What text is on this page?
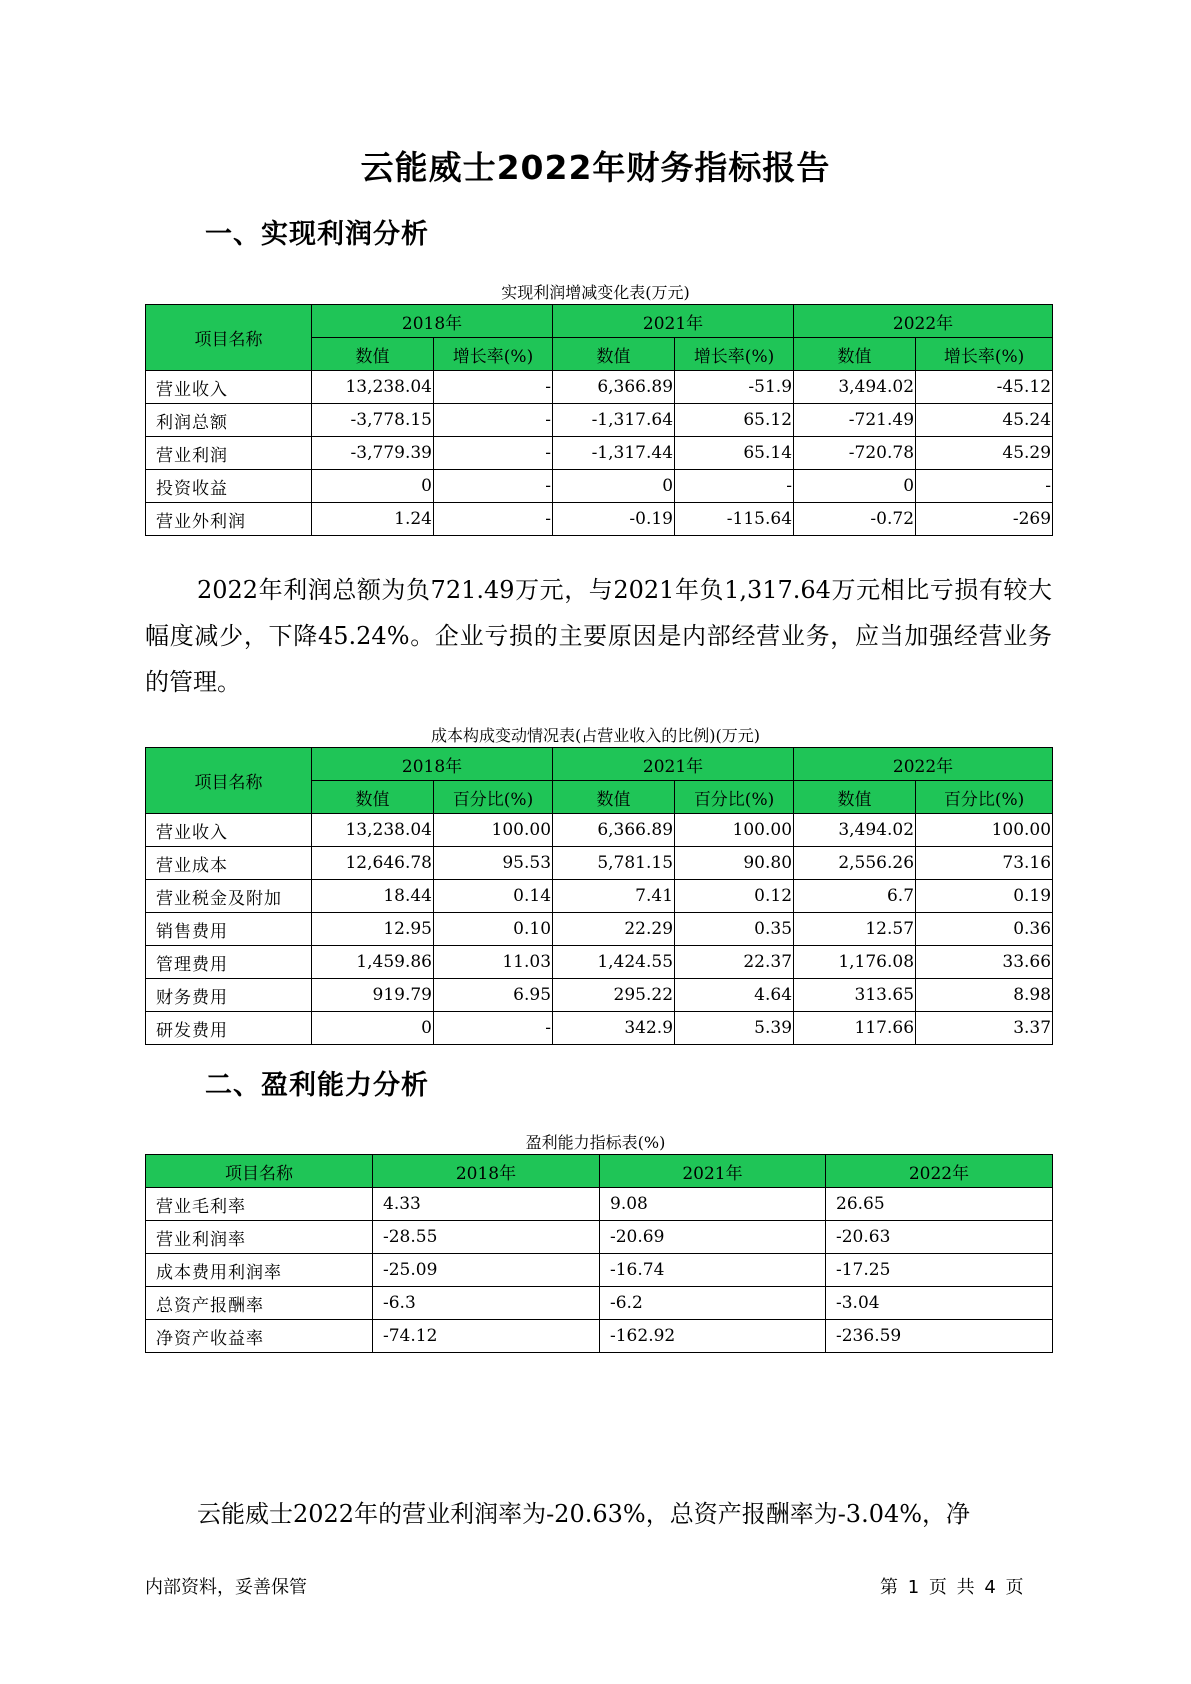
云能威士2022年财务指标报告
一、实现利润分析
实现利润增减变化表(万元)
项目名称	2018年		2021年		2022年	
	数值	增长率(%)	数值	增长率(%)	数值	增长率(%)
营业收入	13,238.04	-	6,366.89	-51.9	3,494.02	-45.12
利润总额	-3,778.15	-	-1,317.64	65.12	-721.49	45.24
营业利润	-3,779.39	-	-1,317.44	65.14	-720.78	45.29
投资收益	0	-	0	-	0	-
营业外利润	1.24	-	-0.19	-115.64	-0.72	-269
2022年利润总额为负721.49万元，与2021年负1,317.64万元相比亏损有较大幅度减少，下降45.24%。企业亏损的主要原因是内部经营业务，应当加强经营业务的管理。
成本构成变动情况表(占营业收入的比例)(万元)
项目名称	2018年		2021年		2022年	
	数值	百分比(%)	数值	百分比(%)	数值	百分比(%)
营业收入	13,238.04	100.00	6,366.89	100.00	3,494.02	100.00
营业成本	12,646.78	95.53	5,781.15	90.80	2,556.26	73.16
营业税金及附加	18.44	0.14	7.41	0.12	6.7	0.19
销售费用	12.95	0.10	22.29	0.35	12.57	0.36
管理费用	1,459.86	11.03	1,424.55	22.37	1,176.08	33.66
财务费用	919.79	6.95	295.22	4.64	313.65	8.98
研发费用	0	-	342.9	5.39	117.66	3.37
二、盈利能力分析
盈利能力指标表(%)
项目名称	2018年	2021年	2022年
营业毛利率	4.33	9.08	26.65
营业利润率	-28.55	-20.69	-20.63
成本费用利润率	-25.09	-16.74	-17.25
总资产报酬率	-6.3	-6.2	-3.04
净资产收益率	-74.12	-162.92	-236.59
云能威士2022年的营业利润率为-20.63%，总资产报酬率为-3.04%，净
内部资料，妥善保管	第 1 页 共 4 页
